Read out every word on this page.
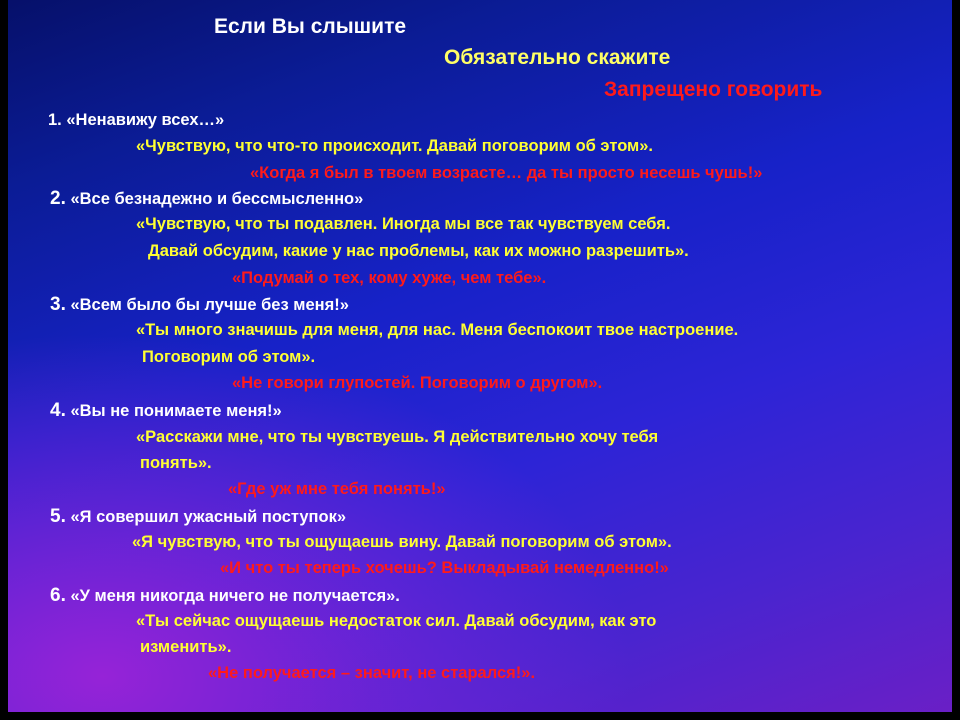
Если Вы слышите

Обязательно скажите

Запрещено говорить

1. «Ненавижу всех…»

«Чувствую, что что-то происходит. Давай поговорим об этом».

«Когда я был в твоем возрасте… да ты просто несешь чушь!»

2. «Все безнадежно и бессмысленно»

«Чувствую, что ты подавлен. Иногда мы все так чувствуем себя.

Давай обсудим, какие у нас проблемы, как их можно разрешить».

«Подумай о тех, кому хуже, чем тебе».

3. «Всем было бы лучше без меня!»

«Ты много значишь для меня, для нас. Меня беспокоит твое настроение.

Поговорим об этом».

«Не говори глупостей. Поговорим о другом».

4. «Вы не понимаете меня!»

«Расскажи мне, что ты чувствуешь. Я действительно хочу тебя

понять».

«Где уж мне тебя понять!»

5. «Я совершил ужасный поступок»

«Я чувствую, что ты ощущаешь вину. Давай поговорим об этом».

«И что ты теперь хочешь? Выкладывай немедленно!»

6. «У меня никогда ничего не получается».

«Ты сейчас ощущаешь недостаток сил. Давай обсудим, как это

изменить».

«Не получается – значит, не старался!».
